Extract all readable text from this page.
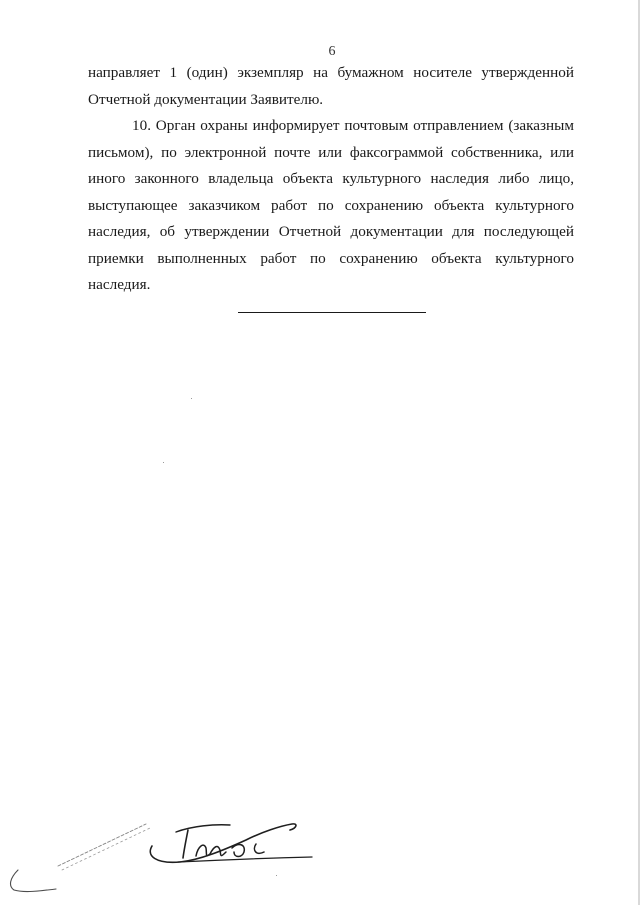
6

направляет 1 (один) экземпляр на бумажном носителе утвержденной Отчетной документации Заявителю.

10. Орган охраны информирует почтовым отправлением (заказным письмом), по электронной почте или факсограммой собственника, или иного законного владельца объекта культурного наследия либо лицо, выступающее заказчиком работ по сохранению объекта культурного наследия, об утверждении Отчетной документации для последующей приемки выполненных работ по сохранению объекта культурного наследия.
